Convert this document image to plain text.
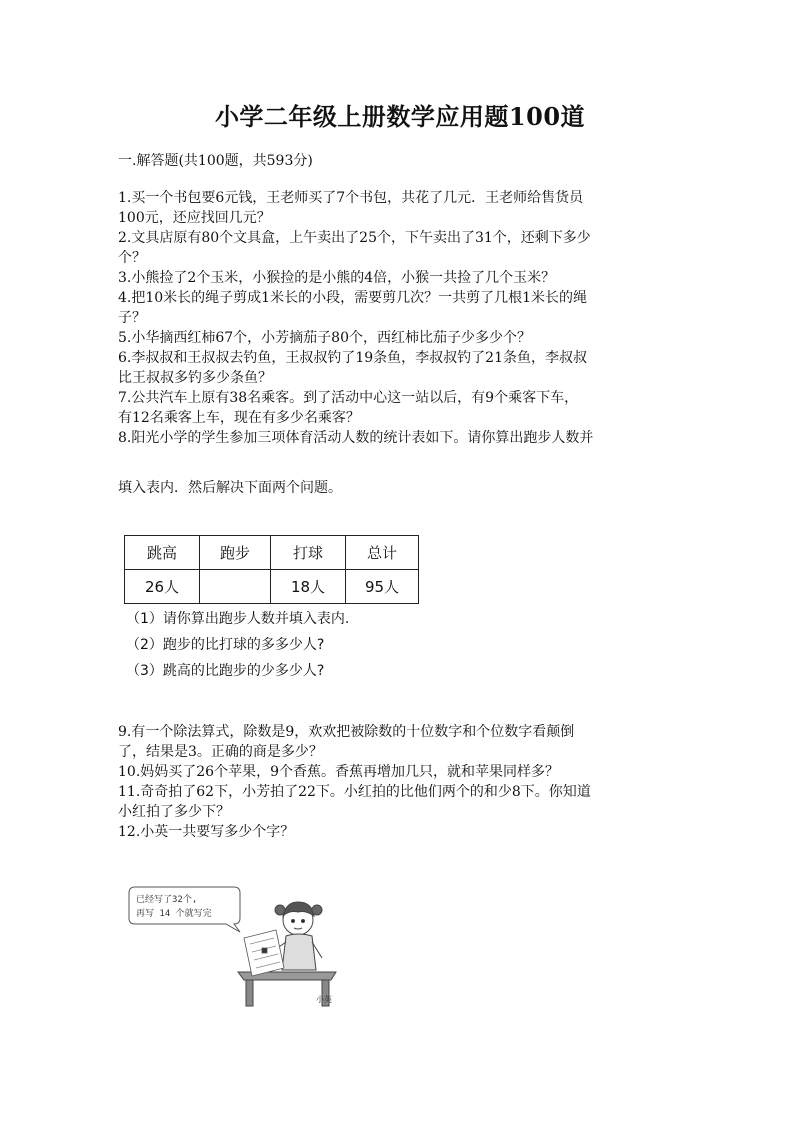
小学二年级上册数学应用题100道
一.解答题(共100题，共593分)
1.买一个书包要6元钱，王老师买了7个书包，共花了几元．王老师给售货员
100元，还应找回几元？
2.文具店原有80个文具盒，上午卖出了25个，下午卖出了31个，还剩下多少
个？
3.小熊捡了2个玉米，小猴捡的是小熊的4倍，小猴一共捡了几个玉米？
4.把10米长的绳子剪成1米长的小段，需要剪几次？一共剪了几根1米长的绳
子？
5.小华摘西红柿67个，小芳摘茄子80个，西红柿比茄子少多少个？
6.李叔叔和王叔叔去钓鱼，王叔叔钓了19条鱼，李叔叔钓了21条鱼，李叔叔
比王叔叔多钓多少条鱼？
7.公共汽车上原有38名乘客。到了活动中心这一站以后，有9个乘客下车，
有12名乘客上车，现在有多少名乘客？
8.阳光小学的学生参加三项体育活动人数的统计表如下。请你算出跑步人数并
填入表内．然后解决下面两个问题。
跳高	跑步	打球	总计
26人		18人	95人
（1）请你算出跑步人数并填入表内.
（2）跑步的比打球的多多少人?
（3）跳高的比跑步的少多少人?
9.有一个除法算式，除数是9，欢欢把被除数的十位数字和个位数字看颠倒
了，结果是3。正确的商是多少？
10.妈妈买了26个苹果，9个香蕉。香蕉再增加几只，就和苹果同样多？
11.奇奇拍了62下，小芳拍了22下。小红拍的比他们两个的和少8下。你知道
小红拍了多少下？
12.小英一共要写多少个字？
已经写了32个,
再写 14 个就写完
小英
